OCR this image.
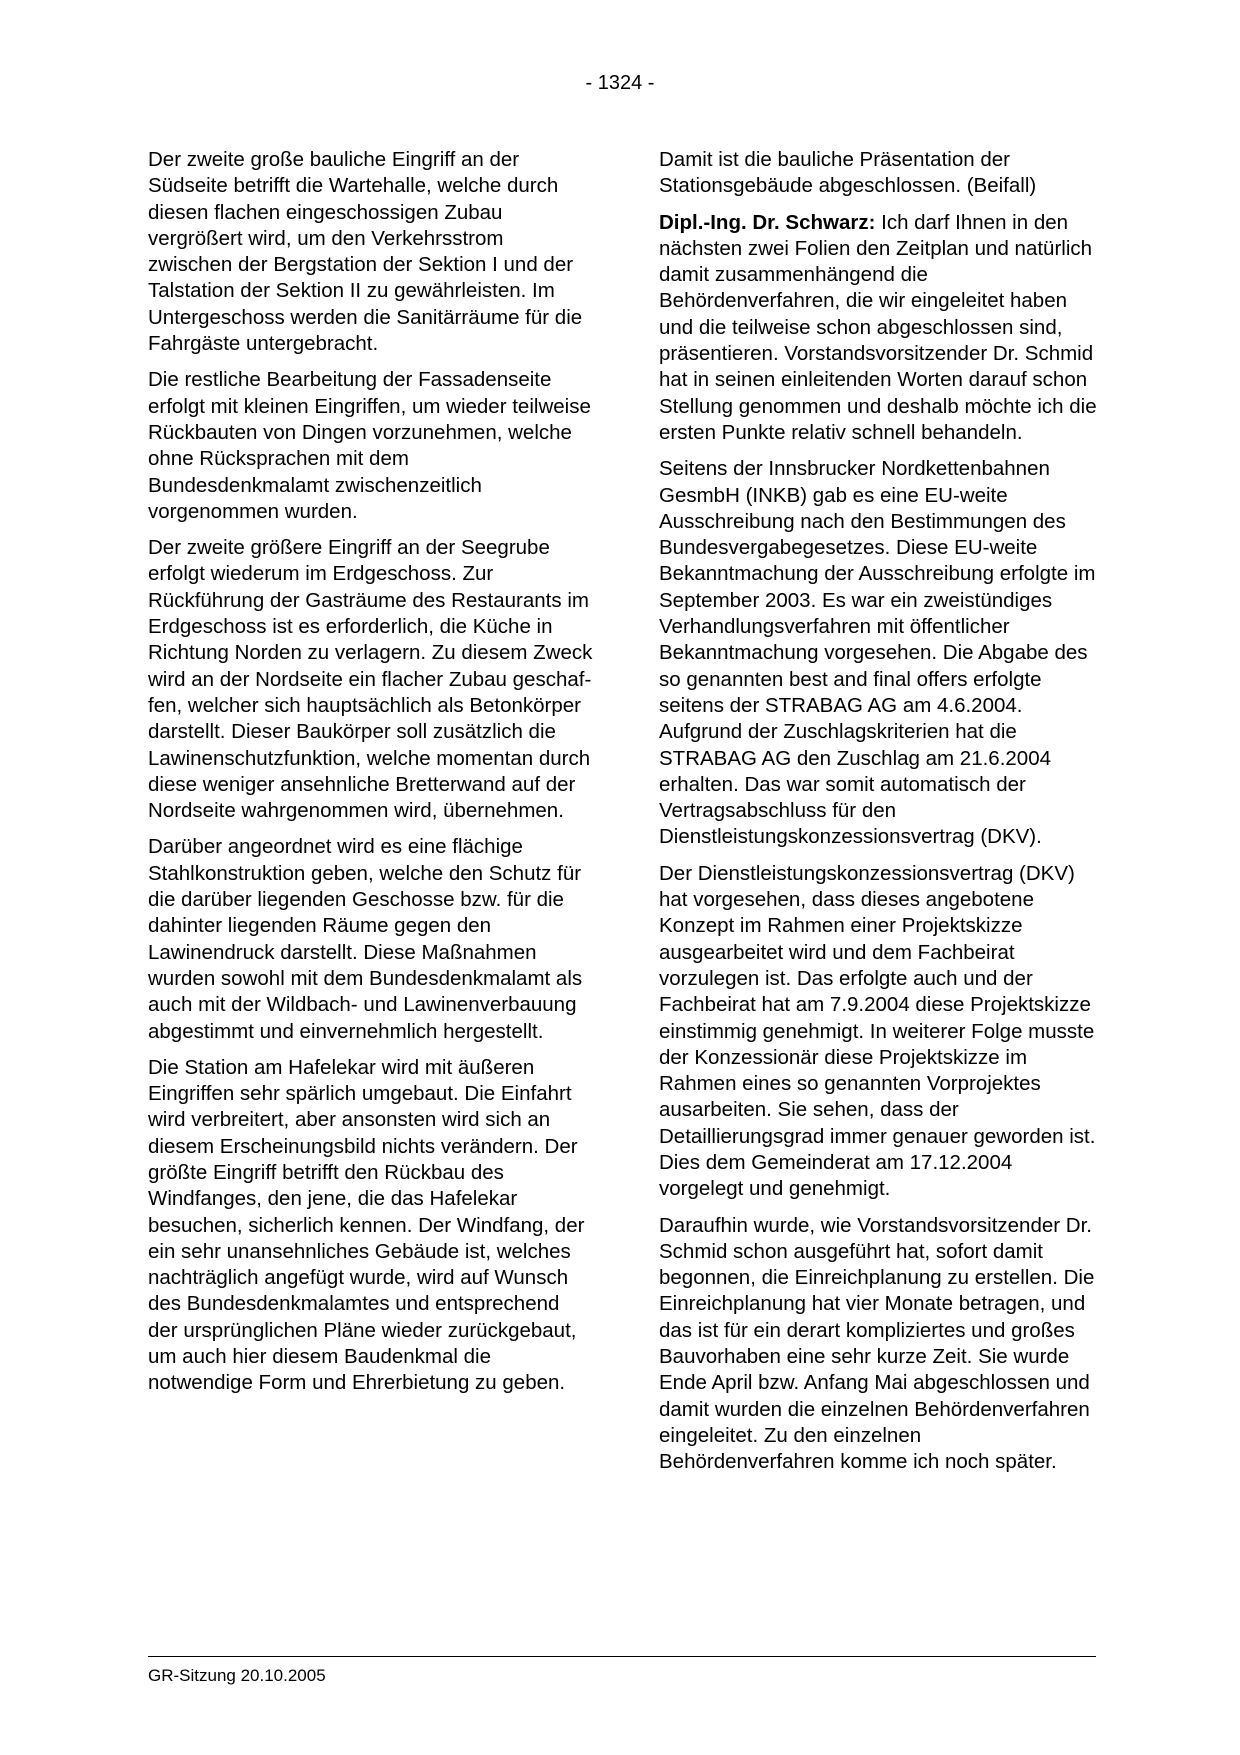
- 1324 -

Der zweite große bauliche Eingriff an der Südseite betrifft die Wartehalle, welche durch diesen flachen eingeschossigen Zubau vergrößert wird, um den Verkehrsstrom zwischen der Bergstation der Sektion I und der Talstation der Sektion II zu gewährleisten. Im Untergeschoss werden die Sanitärräume für die Fahrgäste untergebracht.

Die restliche Bearbeitung der Fassadenseite erfolgt mit kleinen Eingriffen, um wieder teilweise Rückbauten von Dingen vorzunehmen, welche ohne Rücksprachen mit dem Bundesdenkmalamt zwischenzeitlich vorgenommen wurden.

Der zweite größere Eingriff an der Seegrube erfolgt wiederum im Erdgeschoss. Zur Rückführung der Gasträume des Restaurants im Erdgeschoss ist es erforderlich, die Küche in Richtung Norden zu verlagern. Zu diesem Zweck wird an der Nordseite ein flacher Zubau geschaffen, welcher sich hauptsächlich als Betonkörper darstellt. Dieser Baukörper soll zusätzlich die Lawinenschutzfunktion, welche momentan durch diese weniger ansehnliche Bretterwand auf der Nordseite wahrgenommen wird, übernehmen.

Darüber angeordnet wird es eine flächige Stahlkonstruktion geben, welche den Schutz für die darüber liegenden Geschosse bzw. für die dahinter liegenden Räume gegen den Lawinendruck darstellt. Diese Maßnahmen wurden sowohl mit dem Bundesdenkmalamt als auch mit der Wildbach- und Lawinenverbauung abgestimmt und einvernehmlich hergestellt.

Die Station am Hafelekar wird mit äußeren Eingriffen sehr spärlich umgebaut. Die Einfahrt wird verbreitert, aber ansonsten wird sich an diesem Erscheinungsbild nichts verändern. Der größte Eingriff betrifft den Rückbau des Windfanges, den jene, die das Hafelekar besuchen, sicherlich kennen. Der Windfang, der ein sehr unansehnliches Gebäude ist, welches nachträglich angefügt wurde, wird auf Wunsch des Bundesdenkmalamtes und entsprechend der ursprünglichen Pläne wieder zurückgebaut, um auch hier diesem Baudenkmal die notwendige Form und Ehrerbietung zu geben.

Damit ist die bauliche Präsentation der Stationsgebäude abgeschlossen. (Beifall)

Dipl.-Ing. Dr. Schwarz: Ich darf Ihnen in den nächsten zwei Folien den Zeitplan und natürlich damit zusammenhängend die Behördenverfahren, die wir eingeleitet haben und die teilweise schon abgeschlossen sind, präsentieren. Vorstandsvorsitzender Dr. Schmid hat in seinen einleitenden Worten darauf schon Stellung genommen und deshalb möchte ich die ersten Punkte relativ schnell behandeln.

Seitens der Innsbrucker Nordkettenbahnen GesmbH (INKB) gab es eine EU-weite Ausschreibung nach den Bestimmungen des Bundesvergabegesetzes. Diese EU-weite Bekanntmachung der Ausschreibung erfolgte im September 2003. Es war ein zweistündiges Verhandlungsverfahren mit öffentlicher Bekanntmachung vorgesehen. Die Abgabe des so genannten best and final offers erfolgte seitens der STRABAG AG am 4.6.2004. Aufgrund der Zuschlagskriterien hat die STRABAG AG den Zuschlag am 21.6.2004 erhalten. Das war somit automatisch der Vertragsabschluss für den Dienstleistungskonzessionsvertrag (DKV).

Der Dienstleistungskonzessionsvertrag (DKV) hat vorgesehen, dass dieses angebotene Konzept im Rahmen einer Projektskizze ausgearbeitet wird und dem Fachbeirat vorzulegen ist. Das erfolgte auch und der Fachbeirat hat am 7.9.2004 diese Projektskizze einstimmig genehmigt. In weiterer Folge musste der Konzessionär diese Projektskizze im Rahmen eines so genannten Vorprojektes ausarbeiten. Sie sehen, dass der Detaillierungsgrad immer genauer geworden ist. Dies dem Gemeinderat am 17.12.2004 vorgelegt und genehmigt.

Daraufhin wurde, wie Vorstandsvorsitzender Dr. Schmid schon ausgeführt hat, sofort damit begonnen, die Einreichplanung zu erstellen. Die Einreichplanung hat vier Monate betragen, und das ist für ein derart kompliziertes und großes Bauvorhaben eine sehr kurze Zeit. Sie wurde Ende April bzw. Anfang Mai abgeschlossen und damit wurden die einzelnen Behördenverfahren eingeleitet. Zu den einzelnen Behördenverfahren komme ich noch später.

GR-Sitzung 20.10.2005
